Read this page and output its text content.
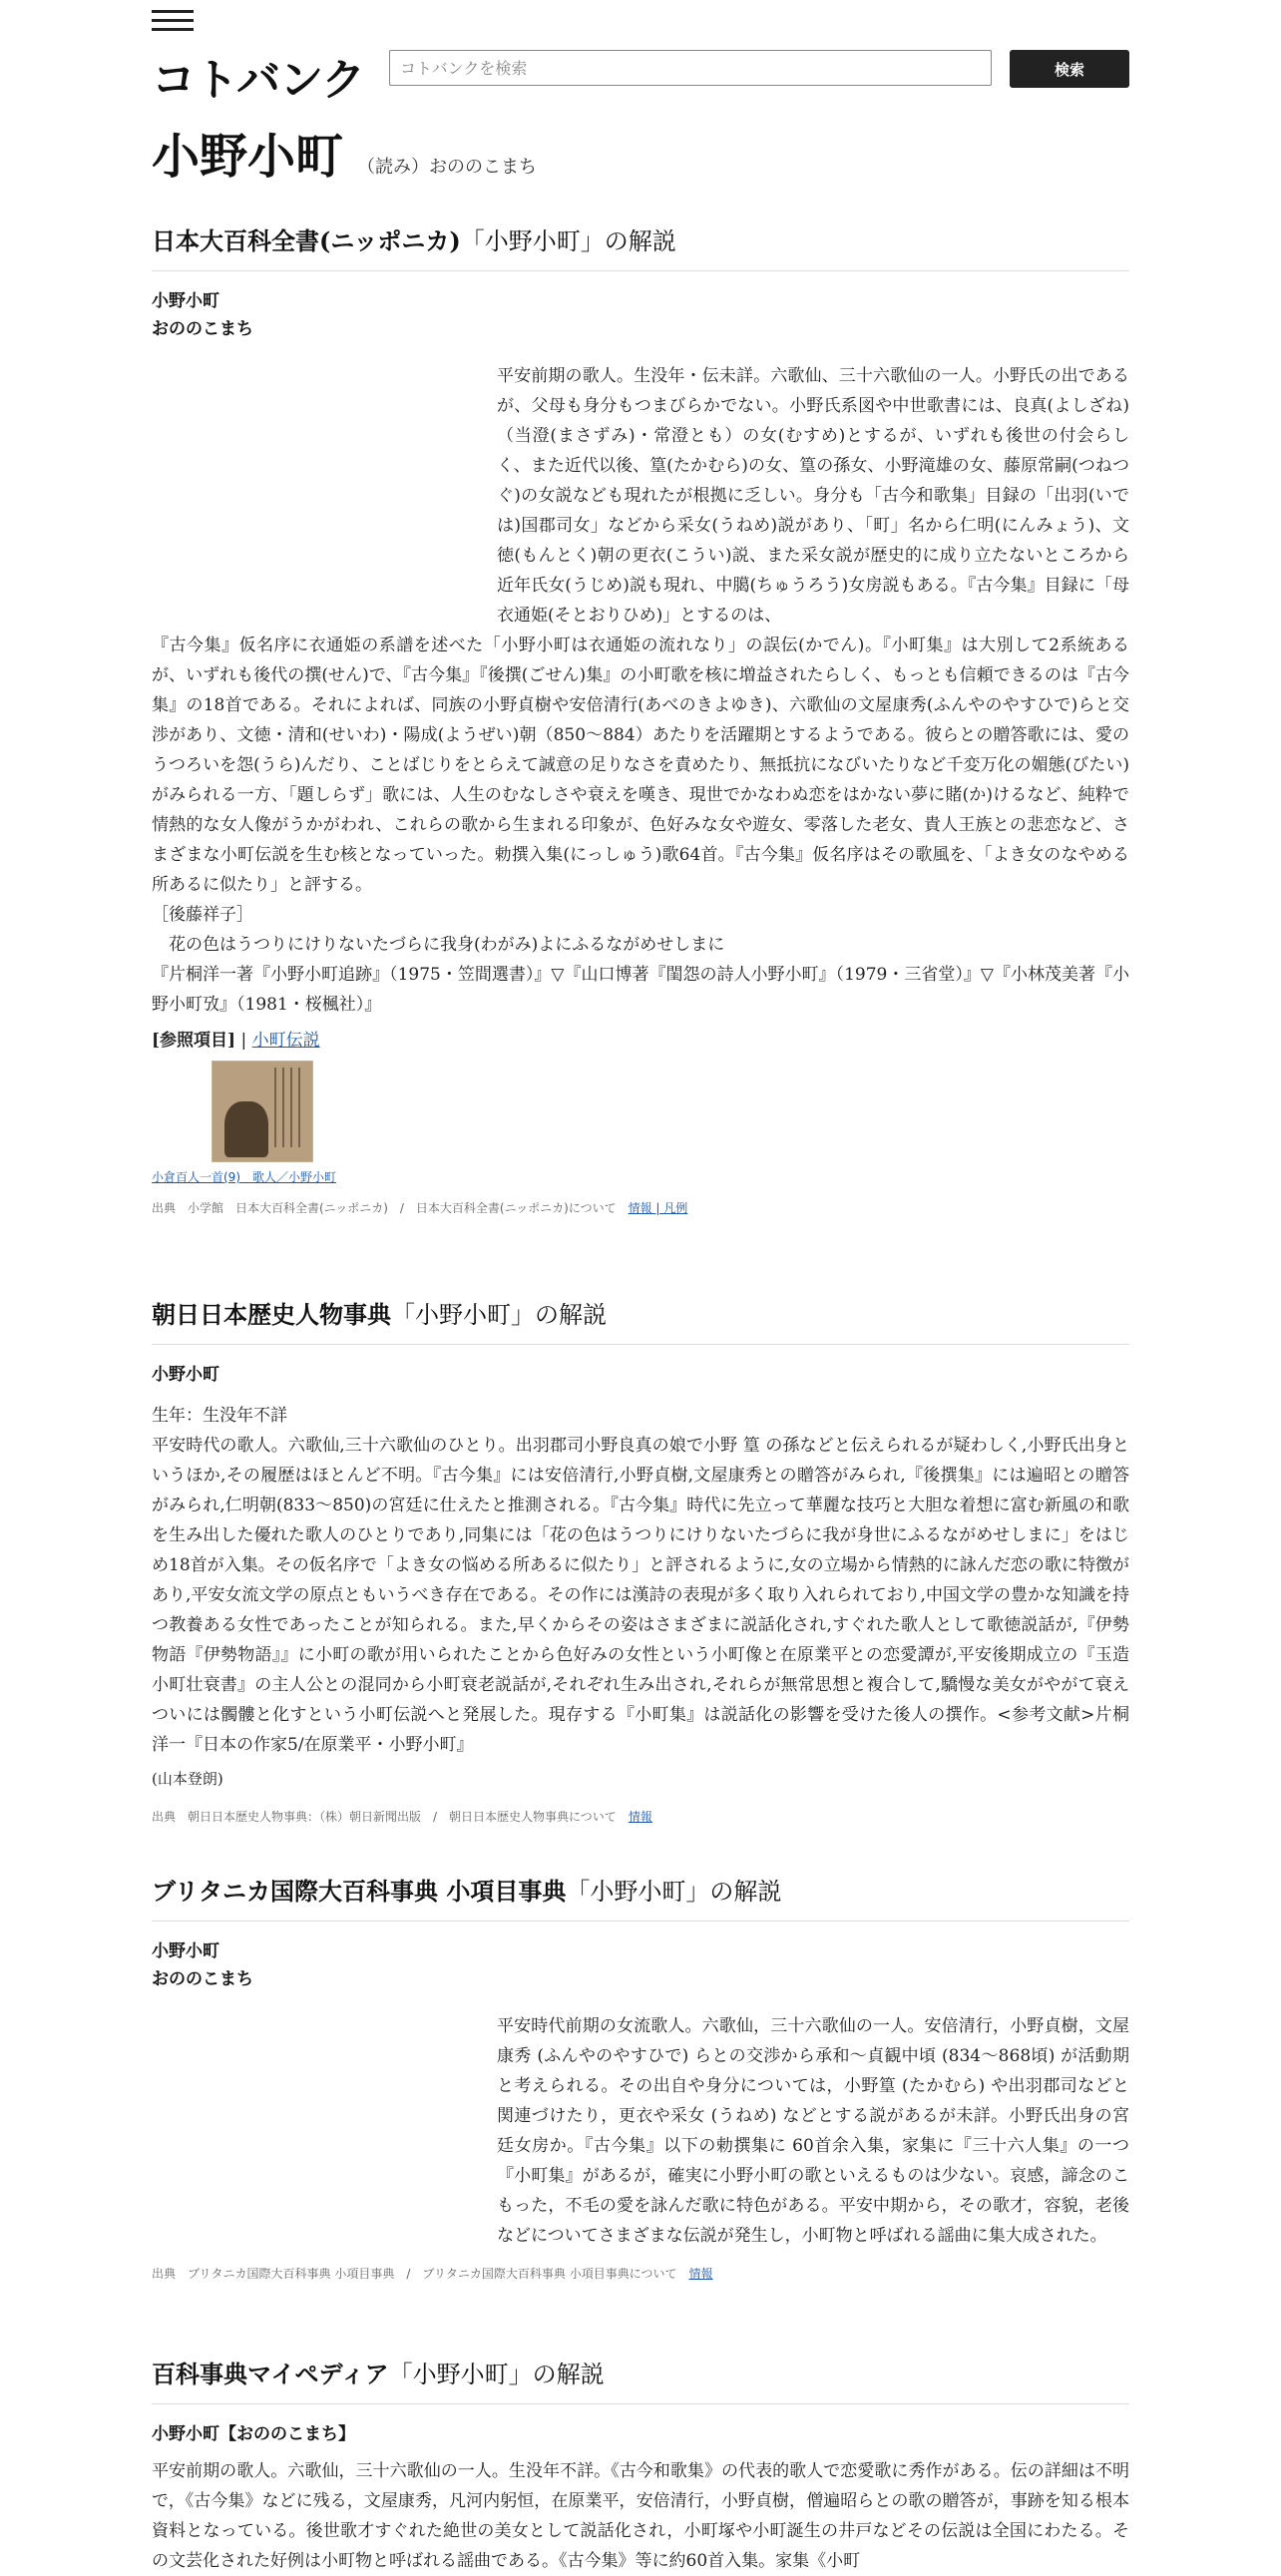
コトバンク
コトバンクを検索	検索
小野小町 （読み）おののこまち
日本大百科全書(ニッポニカ)「小野小町」の解説
小野小町
おののこまち
平安前期の歌人。生没年・伝未詳。六歌仙、三十六歌仙の一人。小野氏の出であるが、父母も身分もつまびらかでない。小野氏系図や中世歌書には、良真(よしざね)（当澄(まさずみ)・常澄とも）の女(むすめ)とするが、いずれも後世の付会らしく、また近代以後、篁(たかむら)の女、篁の孫女、小野滝雄の女、藤原常嗣(つねつぐ)の女説なども現れたが根拠に乏しい。身分も「古今和歌集」目録の「出羽(いでは)国郡司女」などから采女(うねめ)説があり、「町」名から仁明(にんみょう)、文徳(もんとく)朝の更衣(こうい)説、また采女説が歴史的に成り立たないところから近年氏女(うじめ)説も現れ、中臈(ちゅうろう)女房説もある。『古今集』目録に「母衣通姫(そとおりひめ)」とするのは、
『古今集』仮名序に衣通姫の系譜を述べた「小野小町は衣通姫の流れなり」の誤伝(かでん)。『小町集』は大別して2系統あるが、いずれも後代の撰(せん)で、『古今集』『後撰(ごせん)集』の小町歌を核に増益されたらしく、もっとも信頼できるのは『古今集』の18首である。それによれば、同族の小野貞樹や安倍清行(あべのきよゆき)、六歌仙の文屋康秀(ふんやのやすひで)らと交渉があり、文徳・清和(せいわ)・陽成(ようぜい)朝（850～884）あたりを活躍期とするようである。彼らとの贈答歌には、愛のうつろいを怨(うら)んだり、ことばじりをとらえて誠意の足りなさを責めたり、無抵抗になびいたりなど千変万化の媚態(びたい)がみられる一方、「題しらず」歌には、人生のむなしさや衰えを嘆き、現世でかなわぬ恋をはかない夢に賭(か)けるなど、純粋で情熱的な女人像がうかがわれ、これらの歌から生まれる印象が、色好みな女や遊女、零落した老女、貴人王族との悲恋など、さまざまな小町伝説を生む核となっていった。勅撰入集(にっしゅう)歌64首。『古今集』仮名序はその歌風を、「よき女のなやめる所あるに似たり」と評する。
［後藤祥子］
　花の色はうつりにけりないたづらに我身(わがみ)よにふるながめせしまに
『片桐洋一著『小野小町追跡』（1975・笠間選書）』▽『山口博著『閨怨の詩人小野小町』（1979・三省堂）』▽『小林茂美著『小野小町攷』（1981・桜楓社）』
[参照項目] | 小町伝説
小倉百人一首(9)　歌人／小野小町
出典　小学館　日本大百科全書(ニッポニカ)　/　日本大百科全書(ニッポニカ)について　 情報 | 凡例
朝日日本歴史人物事典「小野小町」の解説
小野小町
生年：生没年不詳
平安時代の歌人。六歌仙,三十六歌仙のひとり。出羽郡司小野良真の娘で小野 篁 の孫などと伝えられるが疑わしく,小野氏出身というほか,その履歴はほとんど不明。『古今集』には安倍清行,小野貞樹,文屋康秀との贈答がみられ,『後撰集』には遍昭との贈答がみられ,仁明朝(833～850)の宮廷に仕えたと推測される。『古今集』時代に先立って華麗な技巧と大胆な着想に富む新風の和歌を生み出した優れた歌人のひとりであり,同集には「花の色はうつりにけりないたづらに我が身世にふるながめせしまに」をはじめ18首が入集。その仮名序で「よき女の悩める所あるに似たり」と評されるように,女の立場から情熱的に詠んだ恋の歌に特徴があり,平安女流文学の原点ともいうべき存在である。その作には漢詩の表現が多く取り入れられており,中国文学の豊かな知識を持つ教養ある女性であったことが知られる。また,早くからその姿はさまざまに説話化され,すぐれた歌人として歌徳説話が,『伊勢物語『伊勢物語』』に小町の歌が用いられたことから色好みの女性という小町像と在原業平との恋愛譚が,平安後期成立の『玉造小町壮衰書』の主人公との混同から小町衰老説話が,それぞれ生み出され,それらが無常思想と複合して,驕慢な美女がやがて衰えついには髑髏と化すという小町伝説へと発展した。現存する『小町集』は説話化の影響を受けた後人の撰作。<参考文献>片桐洋一『日本の作家5/在原業平・小野小町』
(山本登朗)
出典　朝日日本歴史人物事典：（株）朝日新聞出版　/　朝日日本歴史人物事典について　 情報
ブリタニカ国際大百科事典 小項目事典「小野小町」の解説
小野小町
おののこまち
平安時代前期の女流歌人。六歌仙，三十六歌仙の一人。安倍清行，小野貞樹，文屋康秀 (ふんやのやすひで) らとの交渉から承和～貞観中頃 (834～868頃) が活動期と考えられる。その出自や身分については，小野篁 (たかむら) や出羽郡司などと関連づけたり，更衣や采女 (うねめ) などとする説があるが未詳。小野氏出身の宮廷女房か。『古今集』以下の勅撰集に 60首余入集，家集に『三十六人集』の一つ『小町集』があるが，確実に小野小町の歌といえるものは少ない。哀感，諦念のこもった，不毛の愛を詠んだ歌に特色がある。平安中期から，その歌才，容貌，老後などについてさまざまな伝説が発生し，小町物と呼ばれる謡曲に集大成された。
出典　ブリタニカ国際大百科事典 小項目事典　/　ブリタニカ国際大百科事典 小項目事典について　 情報
百科事典マイペディア「小野小町」の解説
小野小町【おののこまち】
平安前期の歌人。六歌仙，三十六歌仙の一人。生没年不詳。《古今和歌集》の代表的歌人で恋愛歌に秀作がある。伝の詳細は不明で，《古今集》などに残る，文屋康秀，凡河内躬恒，在原業平，安倍清行，小野貞樹，僧遍昭らとの歌の贈答が，事跡を知る根本資料となっている。後世歌才すぐれた絶世の美女として説話化され，小町塚や小町誕生の井戸などその伝説は全国にわたる。その文芸化された好例は小町物と呼ばれる謡曲である。《古今集》等に約60首入集。家集《小町
